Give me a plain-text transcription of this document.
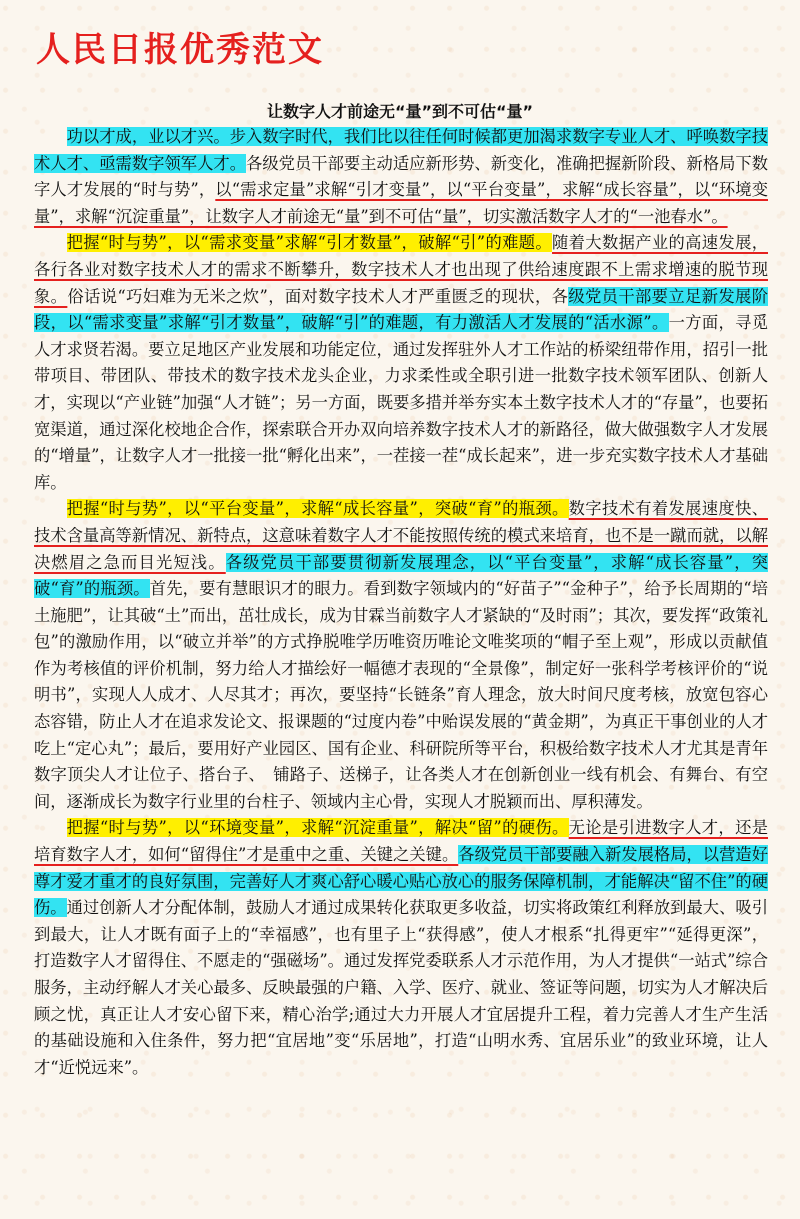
人民日报优秀范文
让数字人才前途无“量”到不可估“量”

功以才成，业以才兴。步入数字时代，我们比以往任何时候都更加渴求数字专业人才、呼唤数字技术人才、亟需数字领军人才。各级党员干部要主动适应新形势、新变化，准确把握新阶段、新格局下数字人才发展的“时与势”，以“需求定量”求解“引才变量”，以“平台变量”，求解“成长容量”，以“环境变量”，求解“沉淀重量”，让数字人才前途无“量”到不可估“量”，切实激活数字人才的“一池春水”。

把握“时与势”，以“需求变量”求解“引才数量”，破解“引”的难题。随着大数据产业的高速发展，各行各业对数字技术人才的需求不断攀升，数字技术人才也出现了供给速度跟不上需求增速的脱节现象。俗话说“巧妇难为无米之炊”，面对数字技术人才严重匮乏的现状，各级党员干部要立足新发展阶段，以“需求变量”求解“引才数量”，破解“引”的难题，有力激活人才发展的“活水源”。一方面，寻觅人才求贤若渴。要立足地区产业发展和功能定位，通过发挥驻外人才工作站的桥梁纽带作用，招引一批带项目、带团队、带技术的数字技术龙头企业，力求柔性或全职引进一批数字技术领军团队、创新人才，实现以“产业链”加强“人才链”；另一方面，既要多措并举夯实本土数字技术人才的“存量”，也要拓宽渠道，通过深化校地企合作，探索联合开办双向培养数字技术人才的新路径，做大做强数字人才发展的“增量”，让数字人才一批接一批“孵化出来”，一茬接一茬“成长起来”，进一步充实数字技术人才基础库。

把握“时与势”，以“平台变量”，求解“成长容量”，突破“育”的瓶颈。数字技术有着发展速度快、技术含量高等新情况、新特点，这意味着数字人才不能按照传统的模式来培育，也不是一蹴而就，以解决燃眉之急而目光短浅。各级党员干部要贯彻新发展理念，以“平台变量”，求解“成长容量”，突破“育”的瓶颈。首先，要有慧眼识才的眼力。看到数字领域内的“好苗子”“金种子”，给予长周期的“培土施肥”，让其破“土”而出，茁壮成长，成为甘霖当前数字人才紧缺的“及时雨”；其次，要发挥“政策礼包”的激励作用，以“破立并举”的方式挣脱唯学历唯资历唯论文唯奖项的“帽子至上观”，形成以贡献值作为考核值的评价机制，努力给人才描绘好一幅德才表现的“全景像”，制定好一张科学考核评价的“说明书”，实现人人成才、人尽其才；再次，要坚持“长链条”育人理念，放大时间尺度考核，放宽包容心态容错，防止人才在追求发论文、报课题的“过度内卷”中贻误发展的“黄金期”，为真正干事创业的人才吃上“定心丸”；最后，要用好产业园区、国有企业、科研院所等平台，积极给数字技术人才尤其是青年数字顶尖人才让位子、搭台子、　铺路子、送梯子，让各类人才在创新创业一线有机会、有舞台、有空间，逐渐成长为数字行业里的台柱子、领域内主心骨，实现人才脱颖而出、厚积薄发。

把握“时与势”，以“环境变量”，求解“沉淀重量”，解决“留”的硬伤。无论是引进数字人才，还是培育数字人才，如何“留得住”才是重中之重、关键之关键。各级党员干部要融入新发展格局，以营造好尊才爱才重才的良好氛围，完善好人才爽心舒心暖心贴心放心的服务保障机制，才能解决“留不住”的硬伤。通过创新人才分配体制，鼓励人才通过成果转化获取更多收益，切实将政策红利释放到最大、吸引到最大，让人才既有面子上的“幸福感”，也有里子上“获得感”，使人才根系“扎得更牢”“延得更深”，打造数字人才留得住、不愿走的“强磁场”。通过发挥党委联系人才示范作用，为人才提供“一站式”综合服务，主动纾解人才关心最多、反映最强的户籍、入学、医疗、就业、签证等问题，切实为人才解决后顾之忧，真正让人才安心留下来，精心治学;通过大力开展人才宜居提升工程，着力完善人才生产生活的基础设施和入住条件，努力把“宜居地”变“乐居地”，打造“山明水秀、宜居乐业”的致业环境，让人才“近悦远来”。
